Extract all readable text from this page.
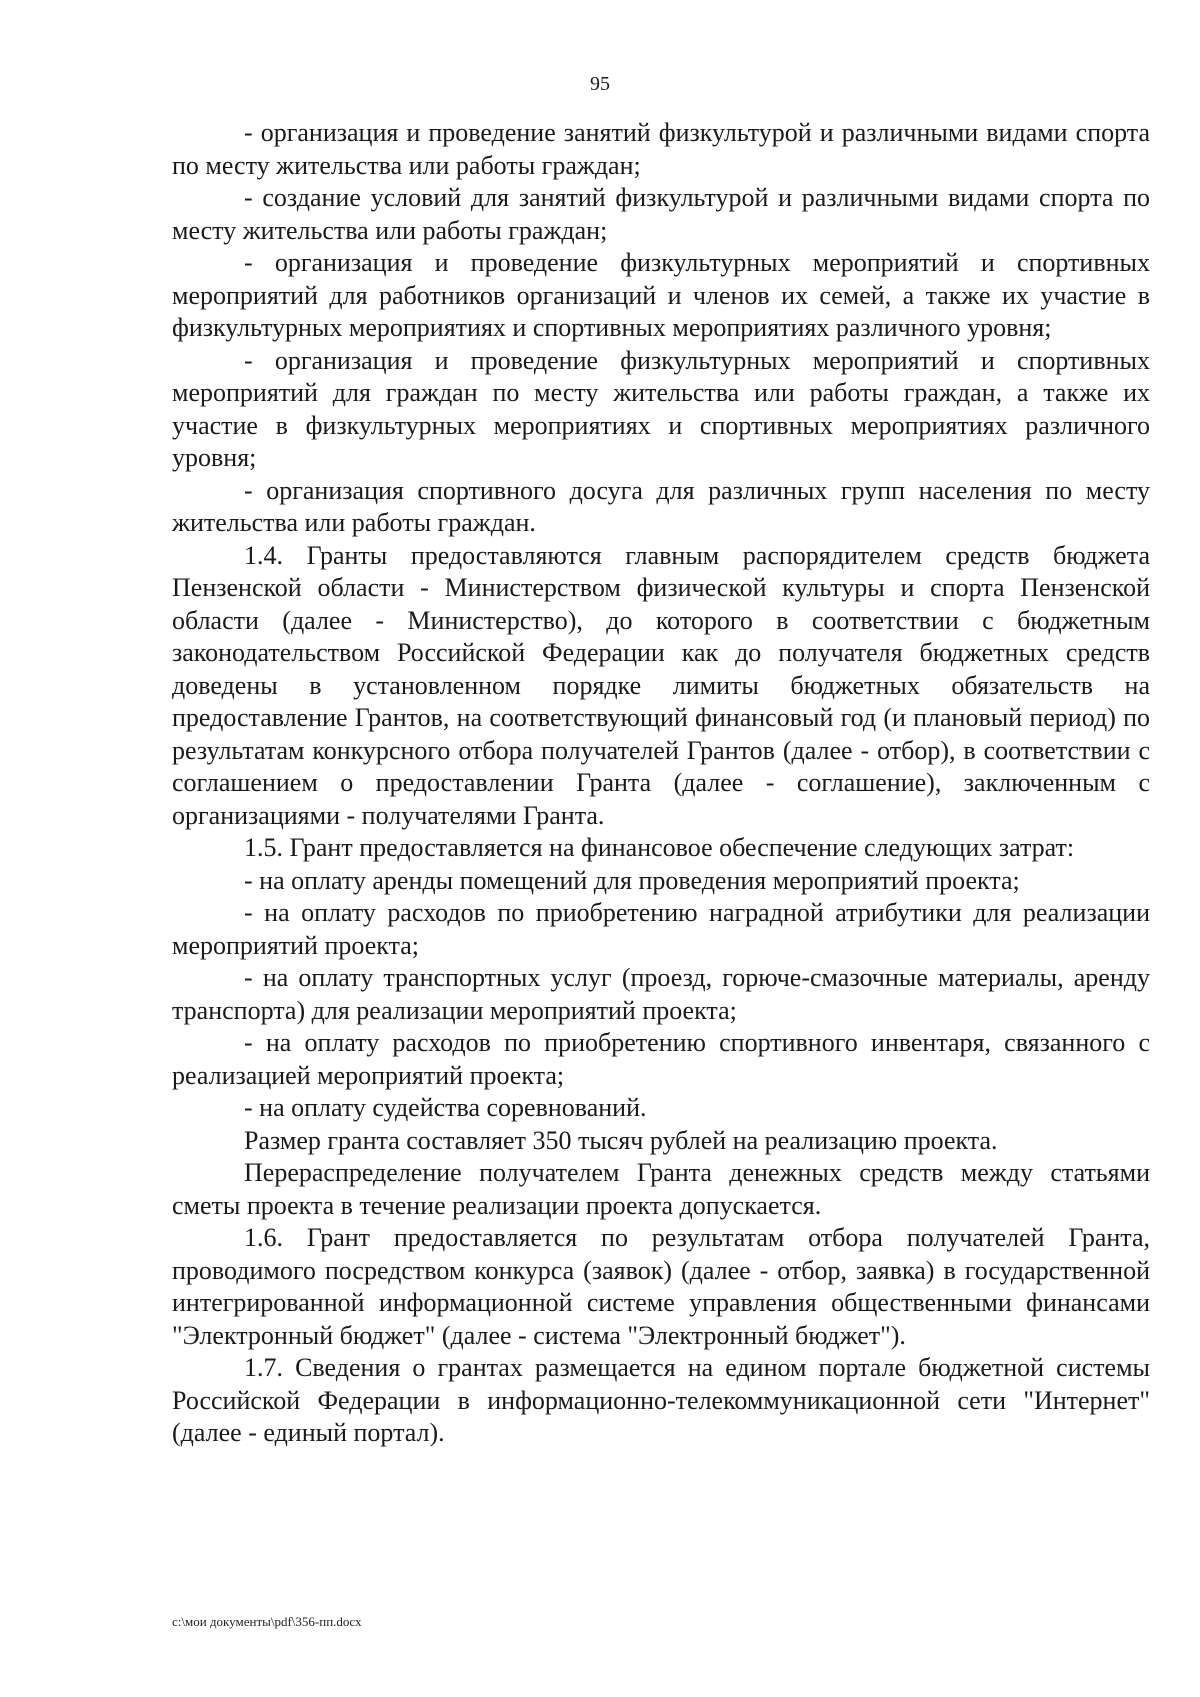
95

- организация и проведение занятий физкультурой и различными видами спорта по месту жительства или работы граждан;

- создание условий для занятий физкультурой и различными видами спорта по месту жительства или работы граждан;

- организация и проведение физкультурных мероприятий и спортивных мероприятий для работников организаций и членов их семей, а также их участие в физкультурных мероприятиях и спортивных мероприятиях различного уровня;

- организация и проведение физкультурных мероприятий и спортивных мероприятий для граждан по месту жительства или работы граждан, а также их участие в физкультурных мероприятиях и спортивных мероприятиях различного уровня;

- организация спортивного досуга для различных групп населения по месту жительства или работы граждан.

1.4. Гранты предоставляются главным распорядителем средств бюджета Пензенской области - Министерством физической культуры и спорта Пензенской области (далее - Министерство), до которого в соответствии с бюджетным законодательством Российской Федерации как до получателя бюджетных средств доведены в установленном порядке лимиты бюджетных обязательств на предоставление Грантов, на соответствующий финансовый год (и плановый период) по результатам конкурсного отбора получателей Грантов (далее - отбор), в соответствии с соглашением о предоставлении Гранта (далее - соглашение), заключенным с организациями - получателями Гранта.

1.5. Грант предоставляется на финансовое обеспечение следующих затрат:

- на оплату аренды помещений для проведения мероприятий проекта;

- на оплату расходов по приобретению наградной атрибутики для реализации мероприятий проекта;

- на оплату транспортных услуг (проезд, горюче-смазочные материалы, аренду транспорта) для реализации мероприятий проекта;

- на оплату расходов по приобретению спортивного инвентаря, связанного с реализацией мероприятий проекта;

- на оплату судейства соревнований.

Размер гранта составляет 350 тысяч рублей на реализацию проекта.

Перераспределение получателем Гранта денежных средств между статьями сметы проекта в течение реализации проекта допускается.

1.6. Грант предоставляется по результатам отбора получателей Гранта, проводимого посредством конкурса (заявок) (далее - отбор, заявка) в государственной интегрированной информационной системе управления общественными финансами "Электронный бюджет" (далее - система "Электронный бюджет").

1.7. Сведения о грантах размещается на едином портале бюджетной системы Российской Федерации в информационно-телекоммуникационной сети "Интернет" (далее - единый портал).

c:\мои документы\pdf\356-пп.docx
